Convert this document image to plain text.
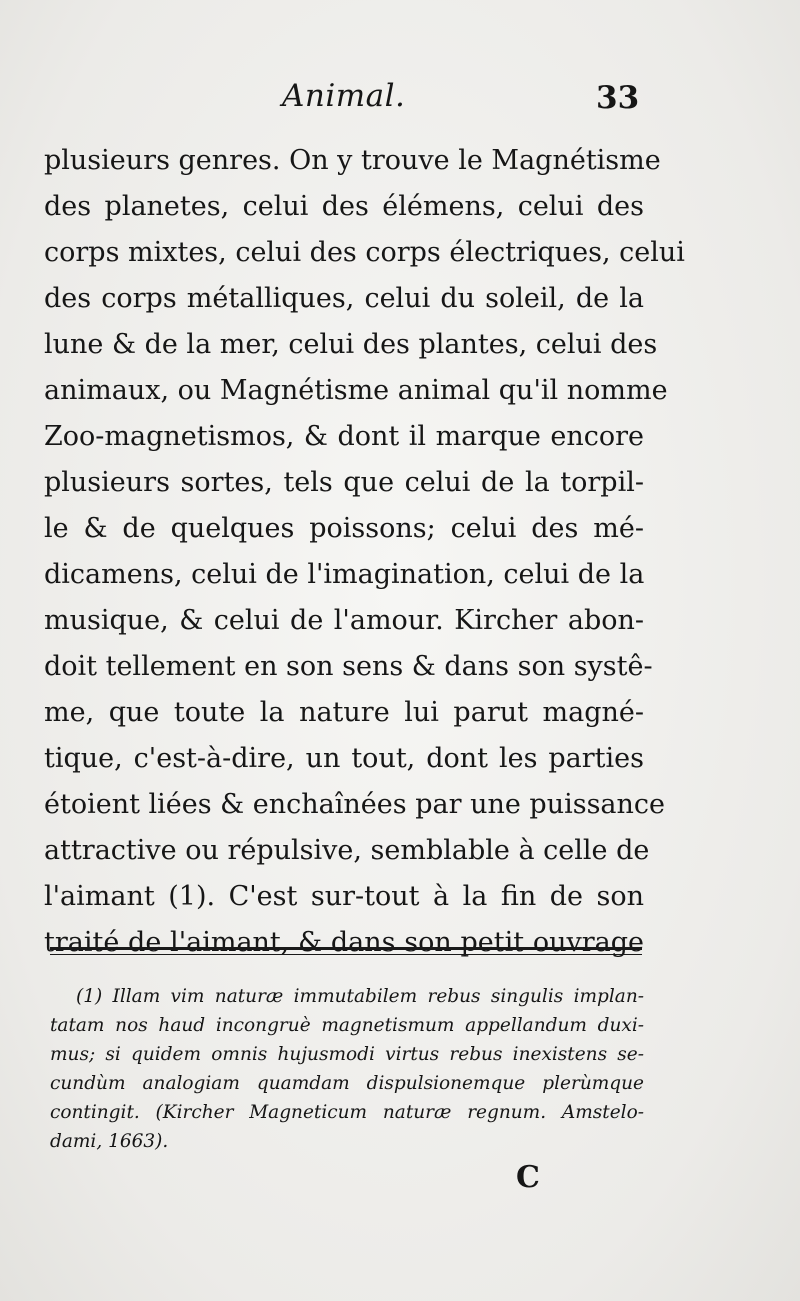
Animal.	33
plusieurs genres. On y trouve le Magnétisme
des planetes, celui des élémens, celui des
corps mixtes, celui des corps électriques, celui
des corps métalliques, celui du soleil, de la
lune & de la mer, celui des plantes, celui des
animaux, ou Magnétisme animal qu'il nomme
Zoo-magnetismos, & dont il marque encore
plusieurs sortes, tels que celui de la torpil-
le & de quelques poissons; celui des mé-
dicamens, celui de l'imagination, celui de la
musique, & celui de l'amour. Kircher abon-
doit tellement en son sens & dans son systê-
me, que toute la nature lui parut magné-
tique, c'est-à-dire, un tout, dont les parties
étoient liées & enchaînées par une puissance
attractive ou répulsive, semblable à celle de
l'aimant (1). C'est sur-tout à la fin de son
traité de l'aimant, & dans son petit ouvrage
(1) Illam vim naturæ immutabilem rebus singulis implan-
tatam nos haud incongruè magnetismum appellandum duxi-
mus; si quidem omnis hujusmodi virtus rebus inexistens se-
cundùm analogiam quamdam dispulsionemque plerùmque
contingit. (Kircher Magneticum naturæ regnum. Amstelo-
dami, 1663).
C
